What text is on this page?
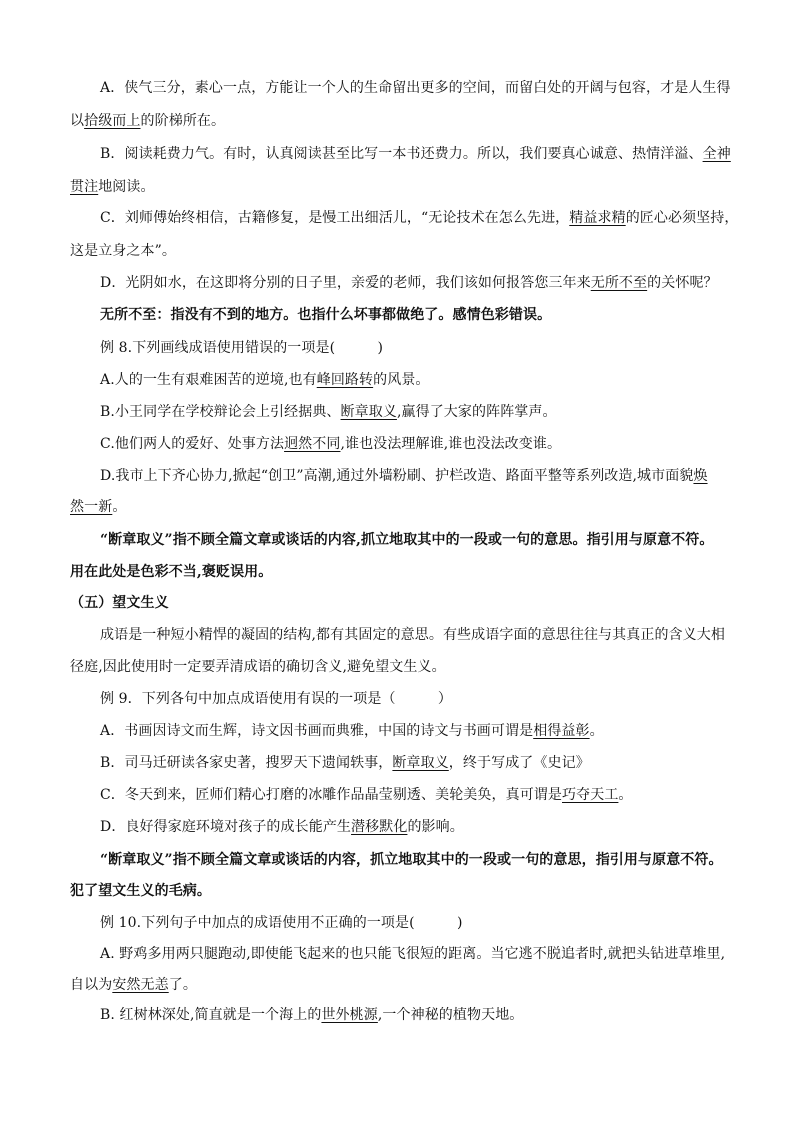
A．侠气三分，素心一点，方能让一个人的生命留出更多的空间，而留白处的开阔与包容，才是人生得
以拾级而上的阶梯所在。
B．阅读耗费力气。有时，认真阅读甚至比写一本书还费力。所以，我们要真心诚意、热情洋溢、全神
贯注地阅读。
C．刘师傅始终相信，古籍修复，是慢工出细活儿，“无论技术在怎么先进，精益求精的匠心必须坚持，
这是立身之本”。
D．光阴如水，在这即将分别的日子里，亲爱的老师，我们该如何报答您三年来无所不至的关怀呢？
无所不至：指没有不到的地方。也指什么坏事都做绝了。感情色彩错误。
例 8.下列画线成语使用错误的一项是(　　　)
A.人的一生有艰难困苦的逆境,也有峰回路转的风景。
B.小王同学在学校辩论会上引经据典、断章取义,赢得了大家的阵阵掌声。
C.他们两人的爱好、处事方法迥然不同,谁也没法理解谁,谁也没法改变谁。
D.我市上下齐心协力,掀起“创卫”高潮,通过外墙粉刷、护栏改造、路面平整等系列改造,城市面貌焕
然一新。
“断章取义”指不顾全篇文章或谈话的内容,抓立地取其中的一段或一句的意思。指引用与原意不符。
用在此处是色彩不当,褒贬误用。
（五）望文生义
成语是一种短小精悍的凝固的结构,都有其固定的意思。有些成语字面的意思往往与其真正的含义大相
径庭,因此使用时一定要弄清成语的确切含义,避免望文生义。
例 9．下列各句中加点成语使用有误的一项是（　　　）
A．书画因诗文而生辉，诗文因书画而典雅，中国的诗文与书画可谓是相得益彰。
B．司马迁研读各家史著，搜罗天下遗闻轶事，断章取义，终于写成了《史记》
C．冬天到来，匠师们精心打磨的冰雕作品晶莹剔透、美轮美奂，真可谓是巧夺天工。
D．良好得家庭环境对孩子的成长能产生潜移默化的影响。
“断章取义”指不顾全篇文章或谈话的内容，抓立地取其中的一段或一句的意思，指引用与原意不符。
犯了望文生义的毛病。
例 10.下列句子中加点的成语使用不正确的一项是(　　　)
A. 野鸡多用两只腿跑动,即使能飞起来的也只能飞很短的距离。当它逃不脱追者时,就把头钻进草堆里,
自以为安然无恙了。
B. 红树林深处,简直就是一个海上的世外桃源,一个神秘的植物天地。
